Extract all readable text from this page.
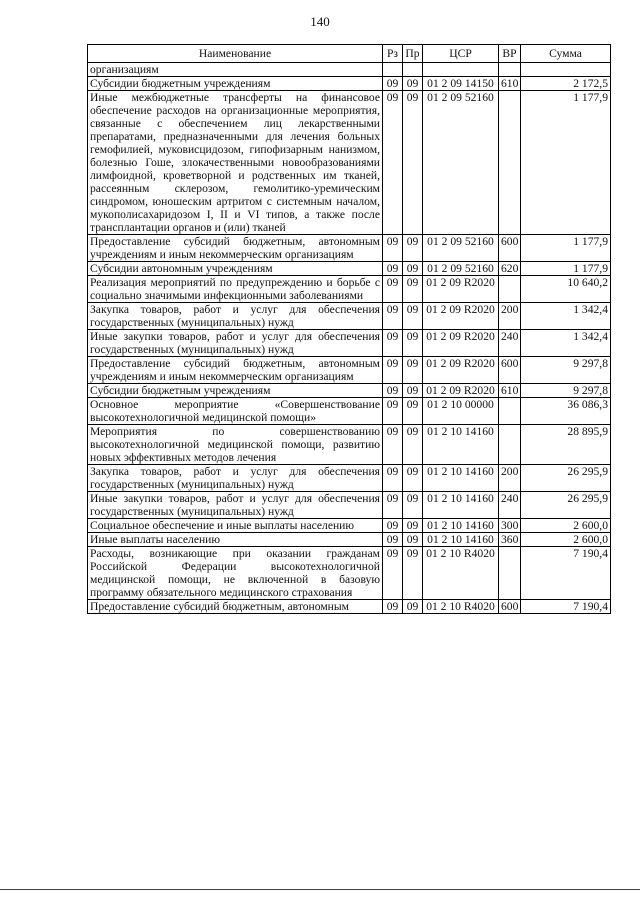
140
Наименование	Рз	Пр	ЦСР	ВР	Сумма
организациям					
Субсидии бюджетным учреждениям	09	09	01 2 09 14150	610	2 172,5
Иные межбюджетные трансферты на финансовое обеспечение расходов на организационные мероприятия, связанные с обеспечением лиц лекарственными препаратами, предназначенными для лечения больных гемофилией, муковисцидозом, гипофизарным нанизмом, болезнью Гоше, злокачественными новообразованиями лимфоидной, кроветворной и родственных им тканей, рассеянным склерозом, гемолитико-уремическим синдромом, юношеским артритом с системным началом, мукополисахаридозом I, II и VI типов, а также после трансплантации органов и (или) тканей	09	09	01 2 09 52160		1 177,9
Предоставление субсидий бюджетным, автономным учреждениям и иным некоммерческим организациям	09	09	01 2 09 52160	600	1 177,9
Субсидии автономным учреждениям	09	09	01 2 09 52160	620	1 177,9
Реализация мероприятий по предупреждению и борьбе с социально значимыми инфекционными заболеваниями	09	09	01 2 09 R2020		10 640,2
Закупка товаров, работ и услуг для обеспечения государственных (муниципальных) нужд	09	09	01 2 09 R2020	200	1 342,4
Иные закупки товаров, работ и услуг для обеспечения государственных (муниципальных) нужд	09	09	01 2 09 R2020	240	1 342,4
Предоставление субсидий бюджетным, автономным учреждениям и иным некоммерческим организациям	09	09	01 2 09 R2020	600	9 297,8
Субсидии бюджетным учреждениям	09	09	01 2 09 R2020	610	9 297,8
Основное мероприятие «Совершенствование высокотехнологичной медицинской помощи»	09	09	01 2 10 00000		36 086,3
Мероприятия по совершенствованию высокотехнологичной медицинской помощи, развитию новых эффективных методов лечения	09	09	01 2 10 14160		28 895,9
Закупка товаров, работ и услуг для обеспечения государственных (муниципальных) нужд	09	09	01 2 10 14160	200	26 295,9
Иные закупки товаров, работ и услуг для обеспечения государственных (муниципальных) нужд	09	09	01 2 10 14160	240	26 295,9
Социальное обеспечение и иные выплаты населению	09	09	01 2 10 14160	300	2 600,0
Иные выплаты населению	09	09	01 2 10 14160	360	2 600,0
Расходы, возникающие при оказании гражданам Российской Федерации высокотехнологичной медицинской помощи, не включенной в базовую программу обязательного медицинского страхования	09	09	01 2 10 R4020		7 190,4
Предоставление субсидий бюджетным, автономным	09	09	01 2 10 R4020	600	7 190,4
